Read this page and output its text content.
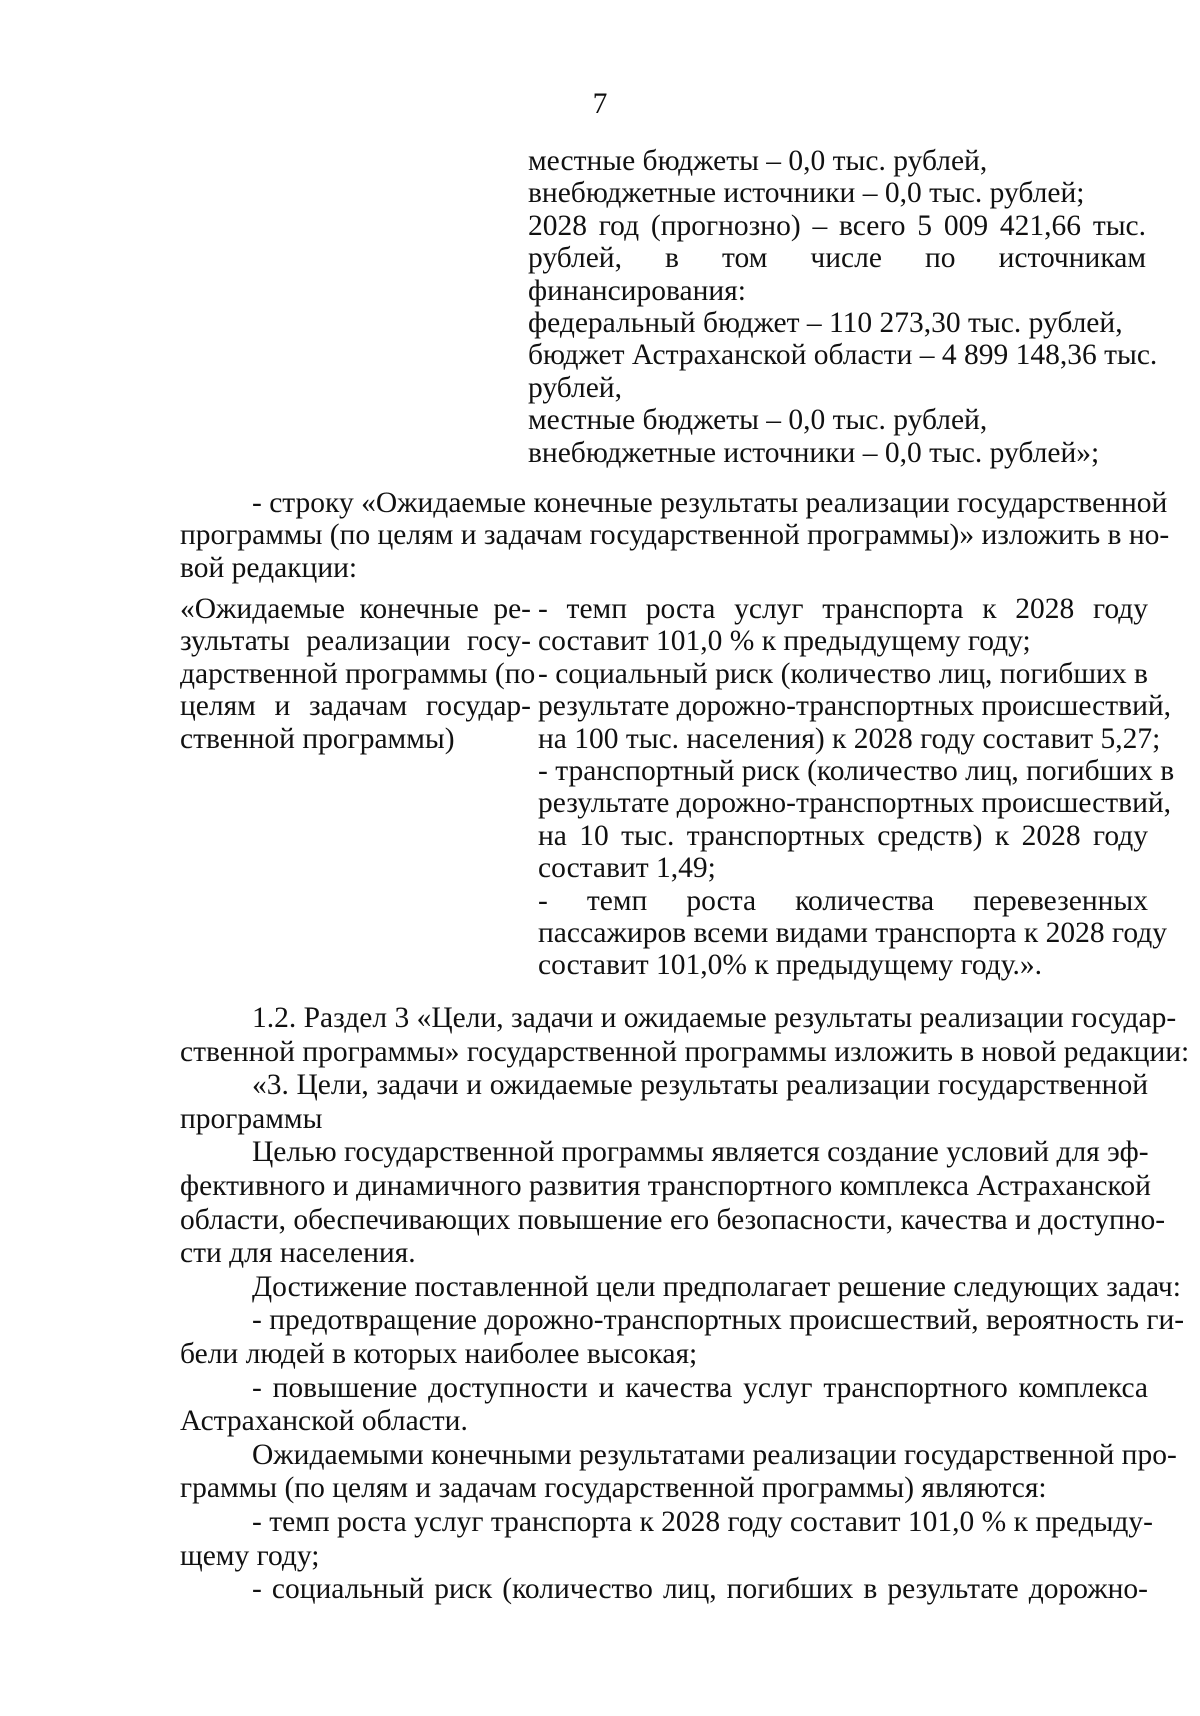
7
местные бюджеты – 0,0 тыс. рублей,
внебюджетные источники – 0,0 тыс. рублей;
2028 год (прогнозно) – всего 5 009 421,66 тыс.
рублей, в том числе по источникам
финансирования:
федеральный бюджет – 110 273,30 тыс. рублей,
бюджет Астраханской области – 4 899 148,36 тыс.
рублей,
местные бюджеты – 0,0 тыс. рублей,
внебюджетные источники – 0,0 тыс. рублей»;
- строку «Ожидаемые конечные результаты реализации государственной
программы (по целям и задачам государственной программы)» изложить в но-
вой редакции:
«Ожидаемые конечные ре-
зультаты реализации госу-
дарственной программы (по
целям и задачам государ-
ственной программы)
- темп роста услуг транспорта к 2028 году
составит 101,0 % к предыдущему году;
- социальный риск (количество лиц, погибших в
результате дорожно-транспортных происшествий,
на 100 тыс. населения) к 2028 году составит 5,27;
- транспортный риск (количество лиц, погибших в
результате дорожно-транспортных происшествий,
на 10 тыс. транспортных средств) к 2028 году
составит 1,49;
- темп роста количества перевезенных
пассажиров всеми видами транспорта к 2028 году
составит 101,0% к предыдущему году.».
1.2. Раздел 3 «Цели, задачи и ожидаемые результаты реализации государ-
ственной программы» государственной программы изложить в новой редакции:
«3. Цели, задачи и ожидаемые результаты реализации государственной
программы
Целью государственной программы является создание условий для эф-
фективного и динамичного развития транспортного комплекса Астраханской
области, обеспечивающих повышение его безопасности, качества и доступно-
сти для населения.
Достижение поставленной цели предполагает решение следующих задач:
- предотвращение дорожно-транспортных происшествий, вероятность ги-
бели людей в которых наиболее высокая;
- повышение доступности и качества услуг транспортного комплекса
Астраханской области.
Ожидаемыми конечными результатами реализации государственной про-
граммы (по целям и задачам государственной программы) являются:
- темп роста услуг транспорта к 2028 году составит 101,0 % к предыду-
щему году;
- социальный риск (количество лиц, погибших в результате дорожно-
